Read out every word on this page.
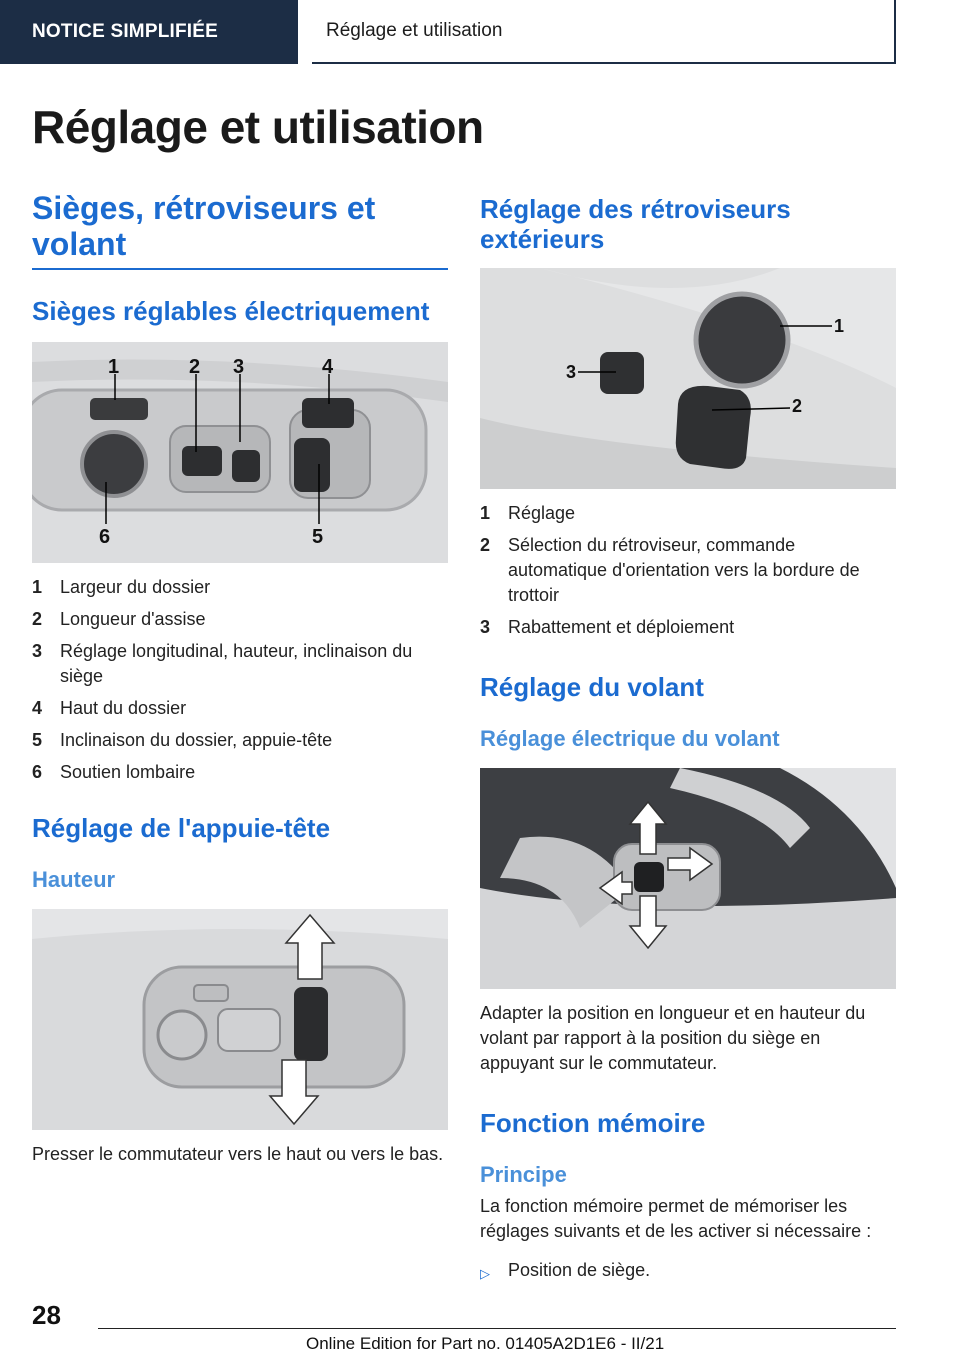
NOTICE SIMPLIFIÉE	Réglage et utilisation
Réglage et utilisation
Sièges, rétroviseurs et volant
Sièges réglables électriquement
1	2 3	4
5
6
1 Largeur du dossier
2 Longueur d'assise
3 Réglage longitudinal, hauteur, inclinaison du siège
4 Haut du dossier
5 Inclinaison du dossier, appuie-tête
6 Soutien lombaire
Réglage de l'appuie-tête
Hauteur
Presser le commutateur vers le haut ou vers le bas.
Réglage des rétroviseurs extérieurs
1
2
3
1 Réglage
2 Sélection du rétroviseur, commande automatique d'orientation vers la bordure de trottoir
3 Rabattement et déploiement
Réglage du volant
Réglage électrique du volant
Adapter la position en longueur et en hauteur du volant par rapport à la position du siège en appuyant sur le commutateur.
Fonction mémoire
Principe
La fonction mémoire permet de mémoriser les réglages suivants et de les activer si nécessaire :
▷	Position de siège.
28
Online Edition for Part no. 01405A2D1E6 - II/21
